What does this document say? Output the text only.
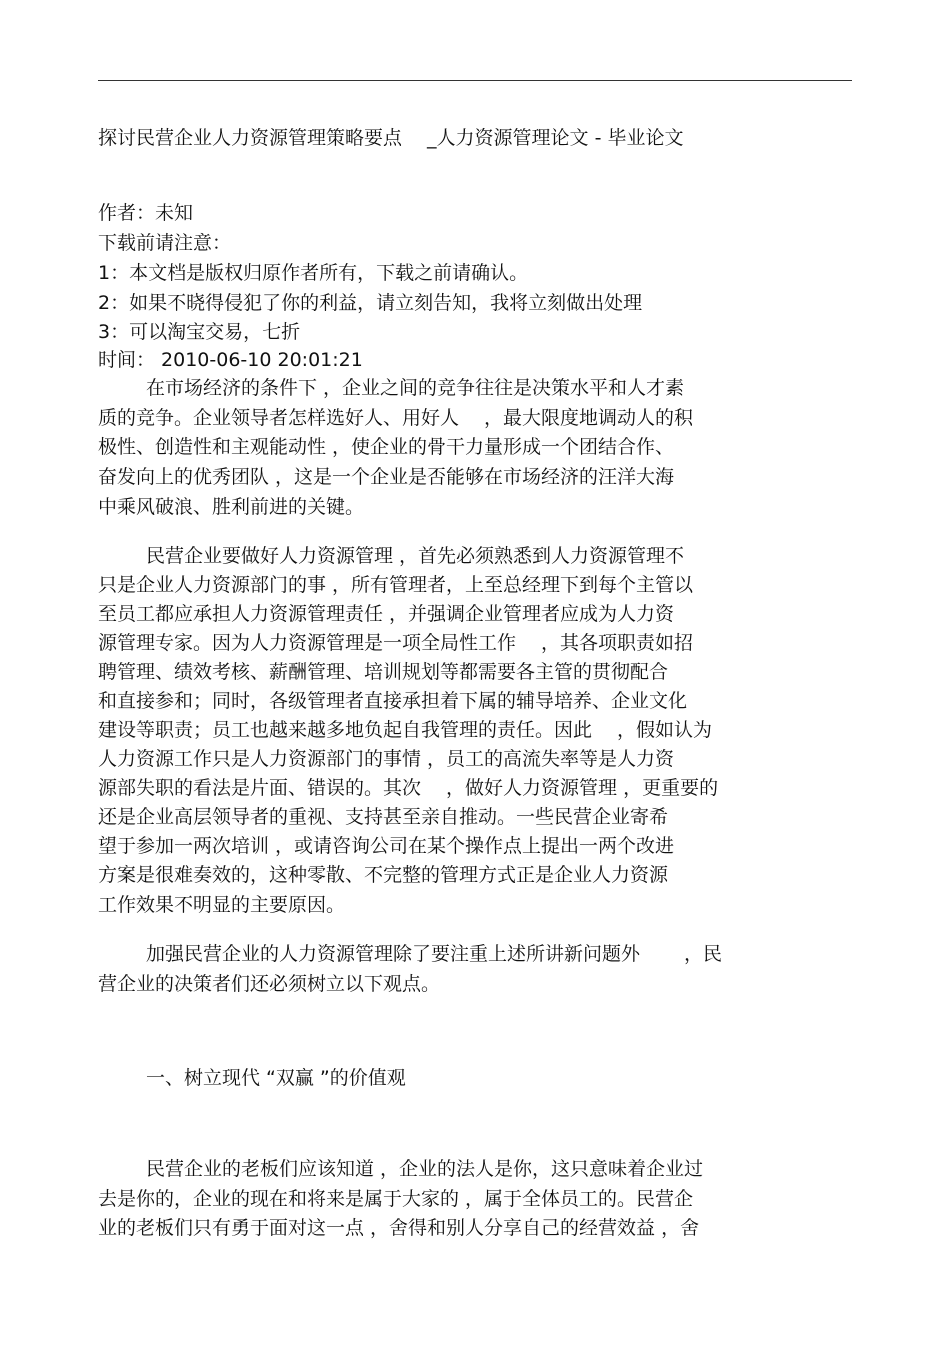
探讨民营企业人力资源管理策略要点　 _人力资源管理论文 - 毕业论文
作者：未知
下载前请注意：
1：本文档是版权归原作者所有，下载之前请确认。
2：如果不晓得侵犯了你的利益，请立刻告知，我将立刻做出处理
3：可以淘宝交易，七折
时间： 2010-06-10 20:01:21
在市场经济的条件下 ，企业之间的竞争往往是决策水平和人才素
质的竞争。企业领导者怎样选好人、用好人　 ，最大限度地调动人的积
极性、创造性和主观能动性 ，使企业的骨干力量形成一个团结合作、
奋发向上的优秀团队 ，这是一个企业是否能够在市场经济的汪洋大海
中乘风破浪、胜利前进的关键。
民营企业要做好人力资源管理 ，首先必须熟悉到人力资源管理不
只是企业人力资源部门的事 ，所有管理者，上至总经理下到每个主管以
至员工都应承担人力资源管理责任 ，并强调企业管理者应成为人力资
源管理专家。因为人力资源管理是一项全局性工作　 ，其各项职责如招
聘管理、绩效考核、薪酬管理、培训规划等都需要各主管的贯彻配合
和直接参和；同时，各级管理者直接承担着下属的辅导培养、企业文化
建设等职责；员工也越来越多地负起自我管理的责任。因此　 ，假如认为
人力资源工作只是人力资源部门的事情 ，员工的高流失率等是人力资
源部失职的看法是片面、错误的。其次　 ，做好人力资源管理 ，更重要的
还是企业高层领导者的重视、支持甚至亲自推动。一些民营企业寄希
望于参加一两次培训 ，或请咨询公司在某个操作点上提出一两个改进
方案是很难奏效的，这种零散、不完整的管理方式正是企业人力资源
工作效果不明显的主要原因。
加强民营企业的人力资源管理除了要注重上述所讲新问题外　　 ，民
营企业的决策者们还必须树立以下观点。
一、树立现代 “双赢 ”的价值观
民营企业的老板们应该知道 ，企业的法人是你，这只意味着企业过
去是你的，企业的现在和将来是属于大家的 ，属于全体员工的。民营企
业的老板们只有勇于面对这一点 ，舍得和别人分享自己的经营效益 ，舍
